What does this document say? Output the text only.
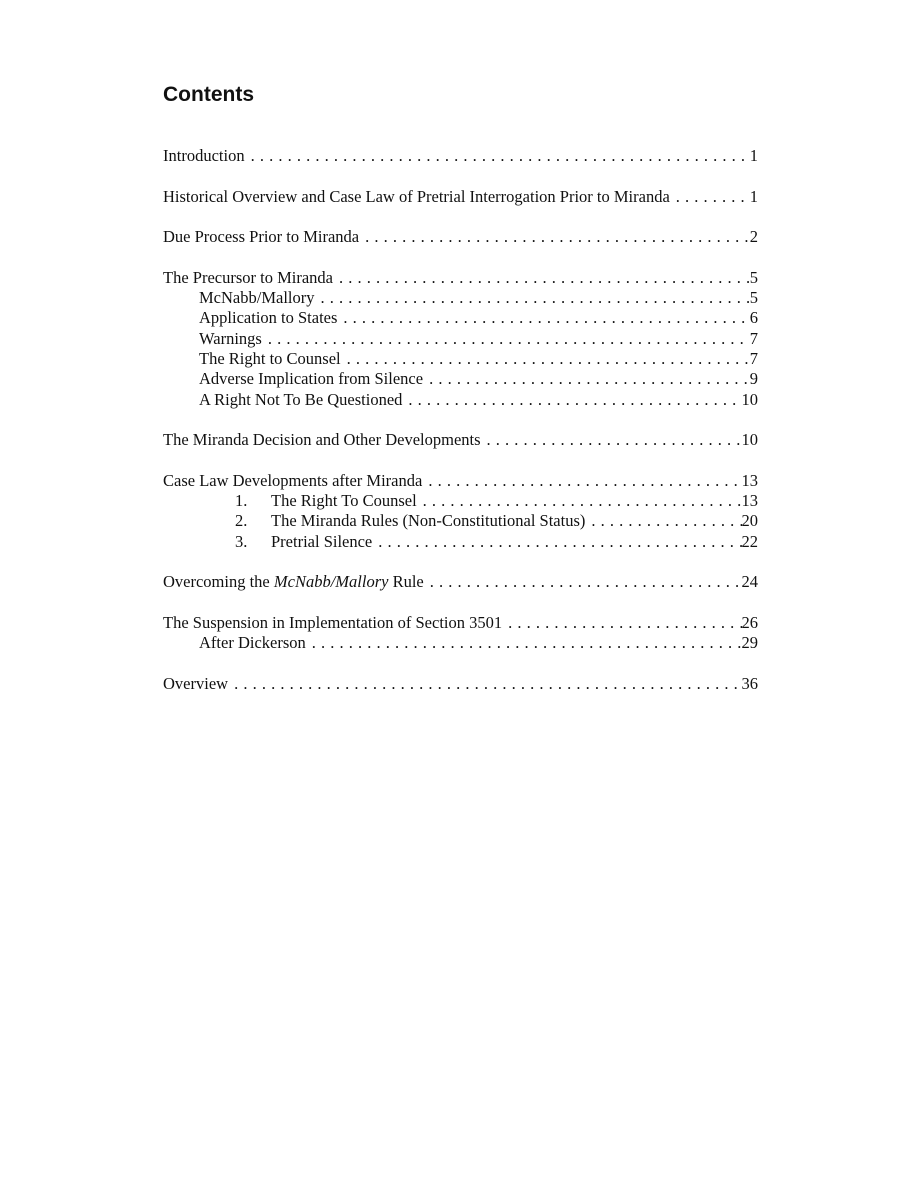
Contents
Introduction . . .	1
Historical Overview and Case Law of Pretrial Interrogation Prior to Miranda . . .	1
Due Process Prior to Miranda . . .	2
The Precursor to Miranda . . .	5
McNabb/Mallory . . .	5
Application to States . . .	6
Warnings . . .	7
The Right to Counsel . . .	7
Adverse Implication from Silence . . .	9
A Right Not To Be Questioned . . .	10
The Miranda Decision and Other Developments . . .	10
Case Law Developments after Miranda . . .	13
1.	The Right To Counsel . . .	13
2.	The Miranda Rules (Non-Constitutional Status) . . .	20
3.	Pretrial Silence . . .	22
Overcoming the McNabb/Mallory Rule . . .	24
The Suspension in Implementation of Section 3501 . . .	26
After Dickerson . . .	29
Overview . . .	36
